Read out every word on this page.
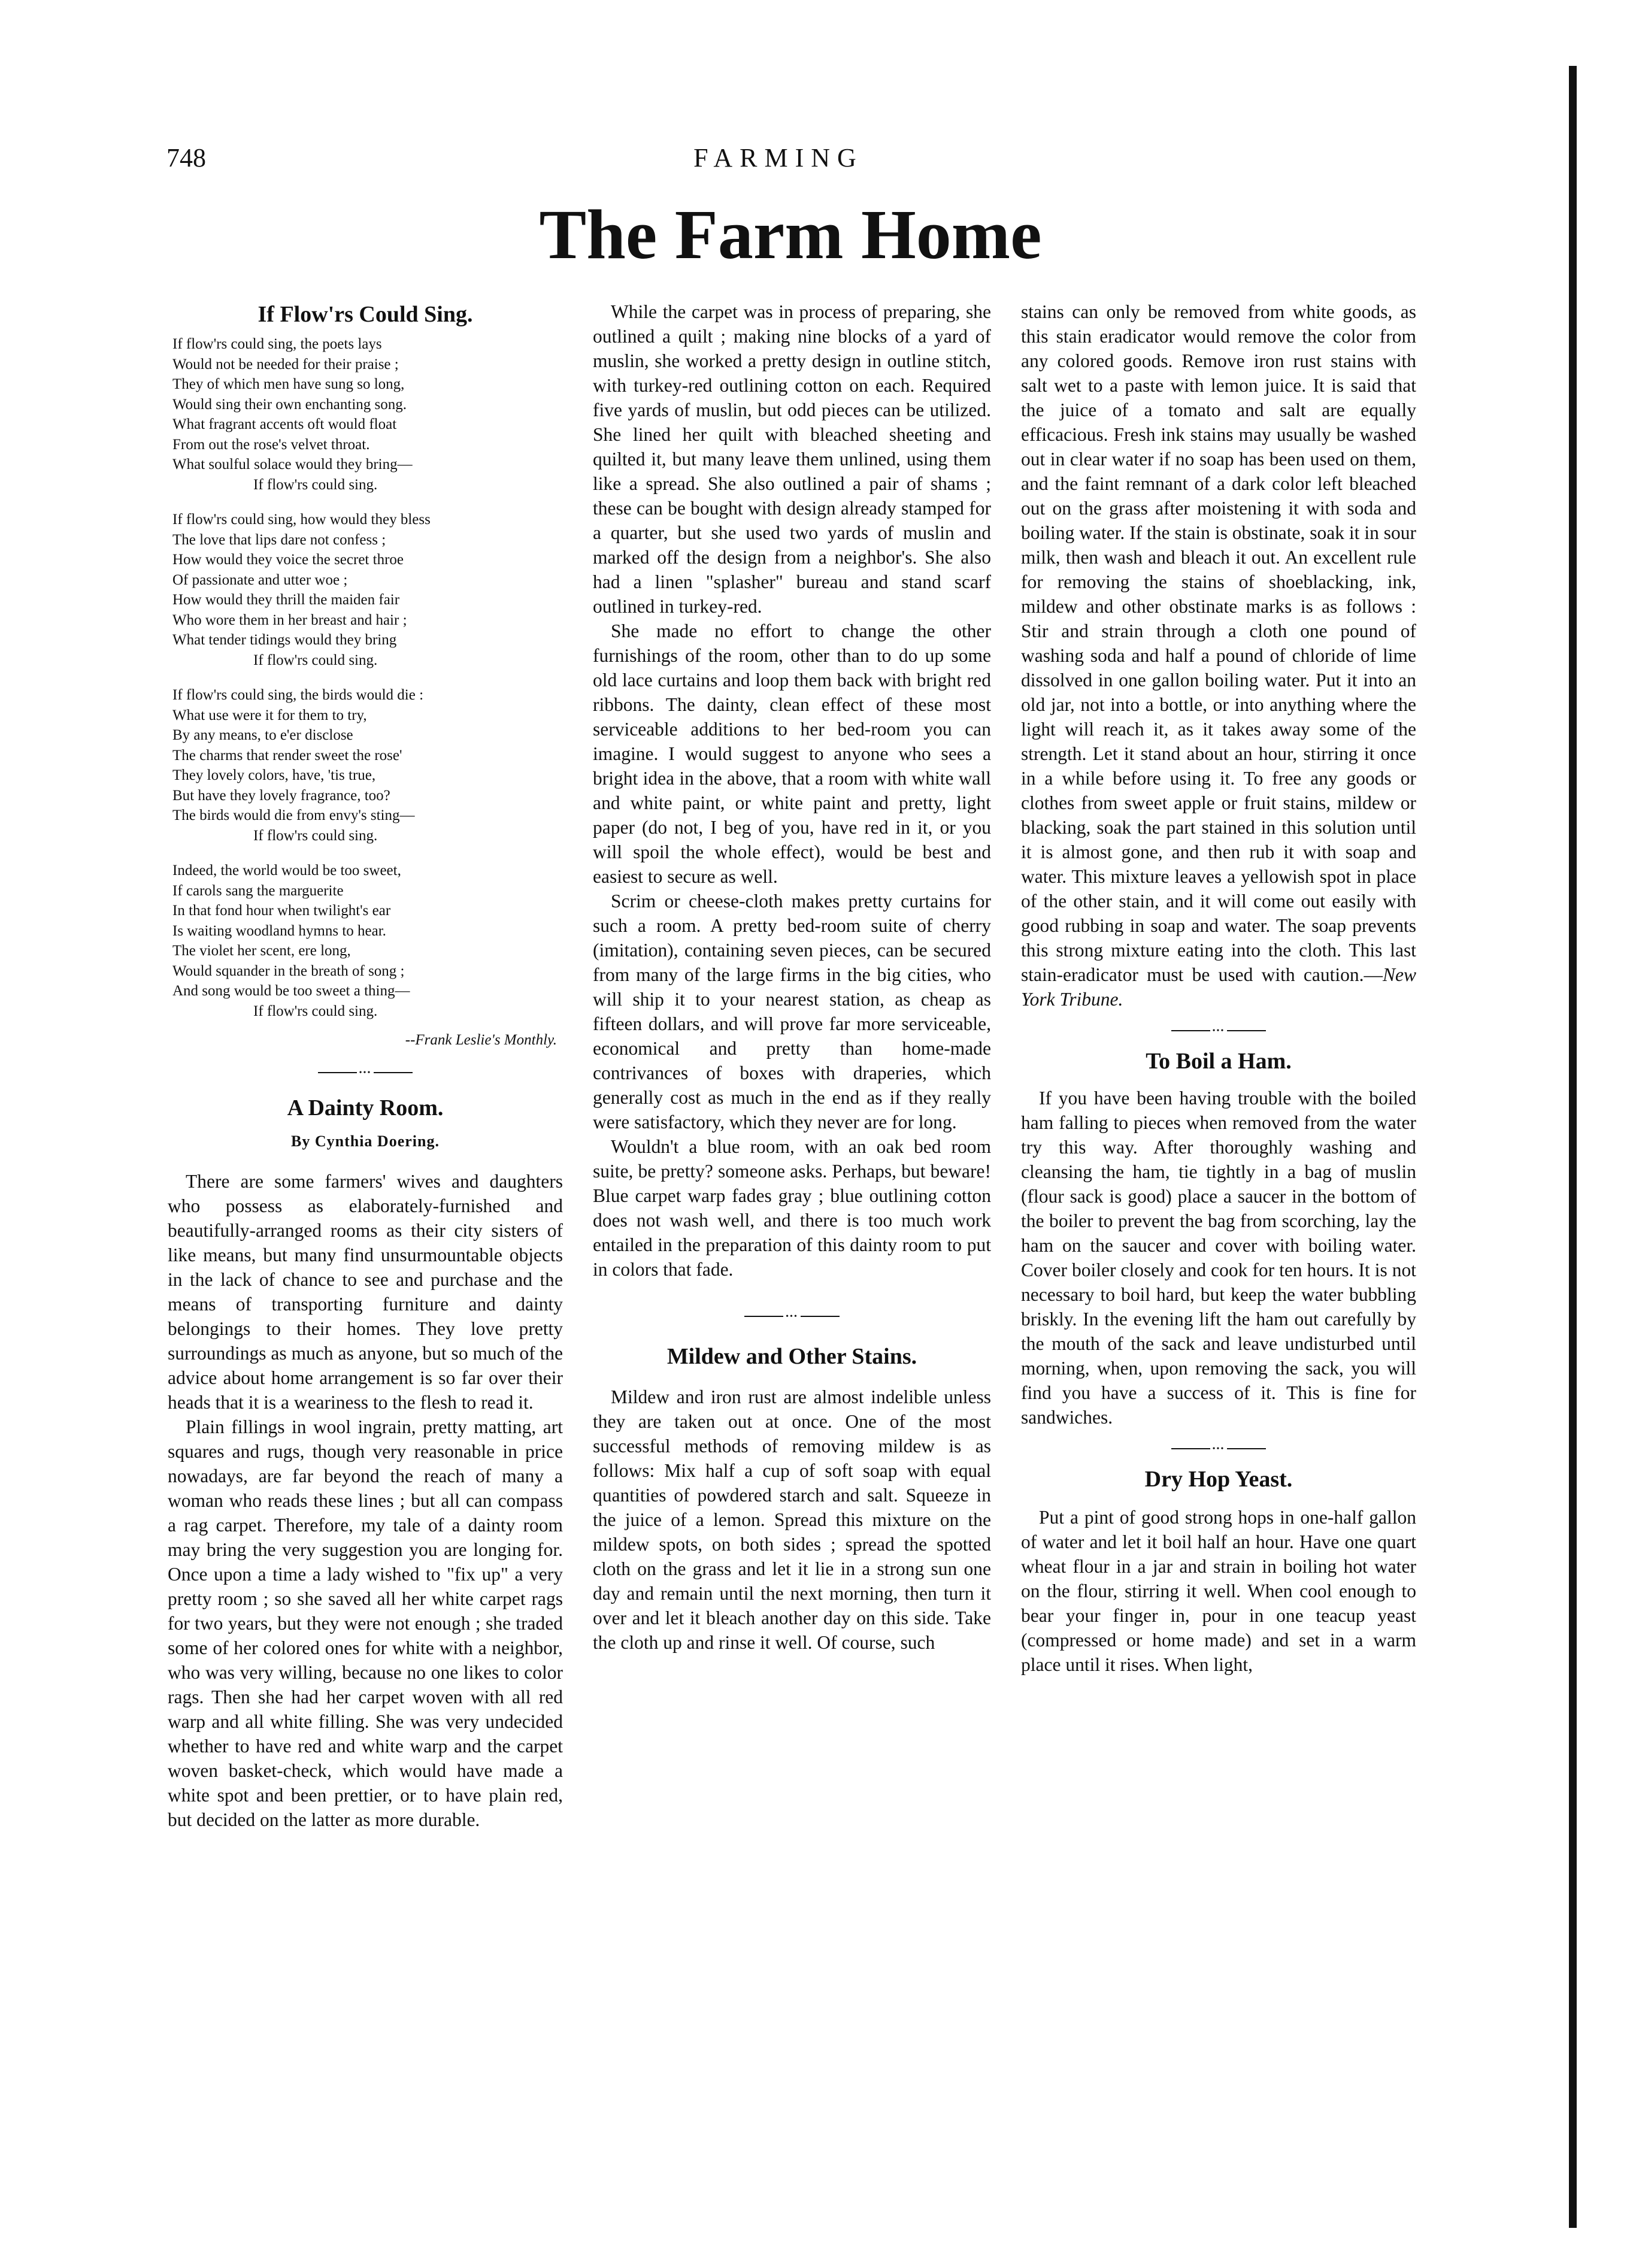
748	FARMING
The Farm Home
If Flow'rs Could Sing.
If flow'rs could sing, the poets lays
Would not be needed for their praise ;
They of which men have sung so long,
Would sing their own enchanting song.
What fragrant accents oft would float
From out the rose's velvet throat.
What soulful solace would they bring—
If flow'rs could sing.
If flow'rs could sing, how would they bless
The love that lips dare not confess ;
How would they voice the secret throe
Of passionate and utter woe ;
How would they thrill the maiden fair
Who wore them in her breast and hair ;
What tender tidings would they bring
If flow'rs could sing.
If flow'rs could sing, the birds would die :
What use were it for them to try,
By any means, to e'er disclose
The charms that render sweet the rose'
They lovely colors, have, 'tis true,
But have they lovely fragrance, too?
The birds would die from envy's sting—
If flow'rs could sing.
Indeed, the world would be too sweet,
If carols sang the marguerite
In that fond hour when twilight's ear
Is waiting woodland hymns to hear.
The violet her scent, ere long,
Would squander in the breath of song ;
And song would be too sweet a thing—
If flow'rs could sing.
--Frank Leslie's Monthly.
•••
A Dainty Room.
By Cynthia Doering.

There are some farmers' wives and daughters who possess as elaborately-furnished and beautifully-arranged rooms as their city sisters of like means, but many find unsurmountable objects in the lack of chance to see and purchase and the means of transporting furniture and dainty belongings to their homes. They love pretty surroundings as much as anyone, but so much of the advice about home arrangement is so far over their heads that it is a weariness to the flesh to read it.

Plain fillings in wool ingrain, pretty matting, art squares and rugs, though very reasonable in price nowadays, are far beyond the reach of many a woman who reads these lines ; but all can compass a rag carpet. Therefore, my tale of a dainty room may bring the very suggestion you are longing for. Once upon a time a lady wished to "fix up" a very pretty room ; so she saved all her white carpet rags for two years, but they were not enough ; she traded some of her colored ones for white with a neighbor, who was very willing, because no one likes to color rags. Then she had her carpet woven with all red warp and all white filling. She was very undecided whether to have red and white warp and the carpet woven basket-check, which would have made a white spot and been prettier, or to have plain red, but decided on the latter as more durable.

While the carpet was in process of preparing, she outlined a quilt ; making nine blocks of a yard of muslin, she worked a pretty design in outline stitch, with turkey-red outlining cotton on each. Required five yards of muslin, but odd pieces can be utilized. She lined her quilt with bleached sheeting and quilted it, but many leave them unlined, using them like a spread. She also outlined a pair of shams ; these can be bought with design already stamped for a quarter, but she used two yards of muslin and marked off the design from a neighbor's. She also had a linen "splasher" bureau and stand scarf outlined in turkey-red.

She made no effort to change the other furnishings of the room, other than to do up some old lace curtains and loop them back with bright red ribbons. The dainty, clean effect of these most serviceable additions to her bed-room you can imagine. I would suggest to anyone who sees a bright idea in the above, that a room with white wall and white paint, or white paint and pretty, light paper (do not, I beg of you, have red in it, or you will spoil the whole effect), would be best and easiest to secure as well.

Scrim or cheese-cloth makes pretty curtains for such a room. A pretty bed-room suite of cherry (imitation), containing seven pieces, can be secured from many of the large firms in the big cities, who will ship it to your nearest station, as cheap as fifteen dollars, and will prove far more serviceable, economical and pretty than home-made contrivances of boxes with draperies, which generally cost as much in the end as if they really were satisfactory, which they never are for long.

Wouldn't a blue room, with an oak bed room suite, be pretty? someone asks. Perhaps, but beware! Blue carpet warp fades gray ; blue outlining cotton does not wash well, and there is too much work entailed in the preparation of this dainty room to put in colors that fade.

•••
Mildew and Other Stains.

Mildew and iron rust are almost indelible unless they are taken out at once. One of the most successful methods of removing mildew is as follows: Mix half a cup of soft soap with equal quantities of powdered starch and salt. Squeeze in the juice of a lemon. Spread this mixture on the mildew spots, on both sides ; spread the spotted cloth on the grass and let it lie in a strong sun one day and remain until the next morning, then turn it over and let it bleach another day on this side. Take the cloth up and rinse it well. Of course, such

stains can only be removed from white goods, as this stain eradicator would remove the color from any colored goods. Remove iron rust stains with salt wet to a paste with lemon juice. It is said that the juice of a tomato and salt are equally efficacious. Fresh ink stains may usually be washed out in clear water if no soap has been used on them, and the faint remnant of a dark color left bleached out on the grass after moistening it with soda and boiling water. If the stain is obstinate, soak it in sour milk, then wash and bleach it out. An excellent rule for removing the stains of shoeblacking, ink, mildew and other obstinate marks is as follows : Stir and strain through a cloth one pound of washing soda and half a pound of chloride of lime dissolved in one gallon boiling water. Put it into an old jar, not into a bottle, or into anything where the light will reach it, as it takes away some of the strength. Let it stand about an hour, stirring it once in a while before using it. To free any goods or clothes from sweet apple or fruit stains, mildew or blacking, soak the part stained in this solution until it is almost gone, and then rub it with soap and water. This mixture leaves a yellowish spot in place of the other stain, and it will come out easily with good rubbing in soap and water. The soap prevents this strong mixture eating into the cloth. This last stain-eradicator must be used with caution.—New York Tribune.

•••
To Boil a Ham.

If you have been having trouble with the boiled ham falling to pieces when removed from the water try this way. After thoroughly washing and cleansing the ham, tie tightly in a bag of muslin (flour sack is good) place a saucer in the bottom of the boiler to prevent the bag from scorching, lay the ham on the saucer and cover with boiling water. Cover boiler closely and cook for ten hours. It is not necessary to boil hard, but keep the water bubbling briskly. In the evening lift the ham out carefully by the mouth of the sack and leave undisturbed until morning, when, upon removing the sack, you will find you have a success of it. This is fine for sandwiches.

•••
Dry Hop Yeast.

Put a pint of good strong hops in one-half gallon of water and let it boil half an hour. Have one quart wheat flour in a jar and strain in boiling hot water on the flour, stirring it well. When cool enough to bear your finger in, pour in one teacup yeast (compressed or home made) and set in a warm place until it rises. When light,
